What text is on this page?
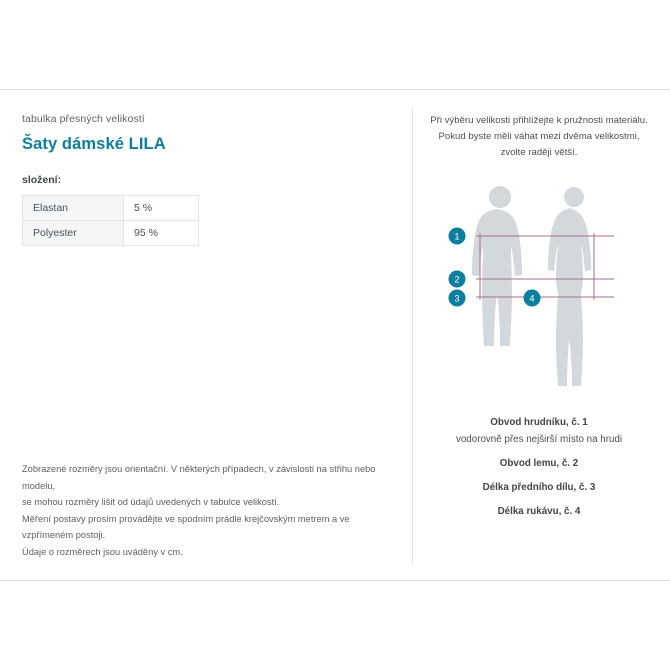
tabulka přesných velikostí

Šaty dámské LILA

složení:

Elastan	5 %
Polyester	95 %

Zobrazené rozměry jsou orientační. V některých případech, v závislosti na střihu nebo modelu,

se mohou rozměry lišit od údajů uvedených v tabulce velikostí.

Měření postavy prosím provádějte ve spodním prádle krejčovským metrem a ve vzpřímeném postoji.

Údaje o rozměrech jsou uváděny v cm.

Při výběru velikosti přihlížejte k pružnosti materiálu.
Pokud byste měli váhat mezi dvěma velikostmi,
zvolte raději větší.

1
2
3	4
Obvod hrudníku, č. 1
vodorovně přes nejširší místo na hrudi
Obvod lemu, č. 2
Délka předního dílu, č. 3
Délka rukávu, č. 4
